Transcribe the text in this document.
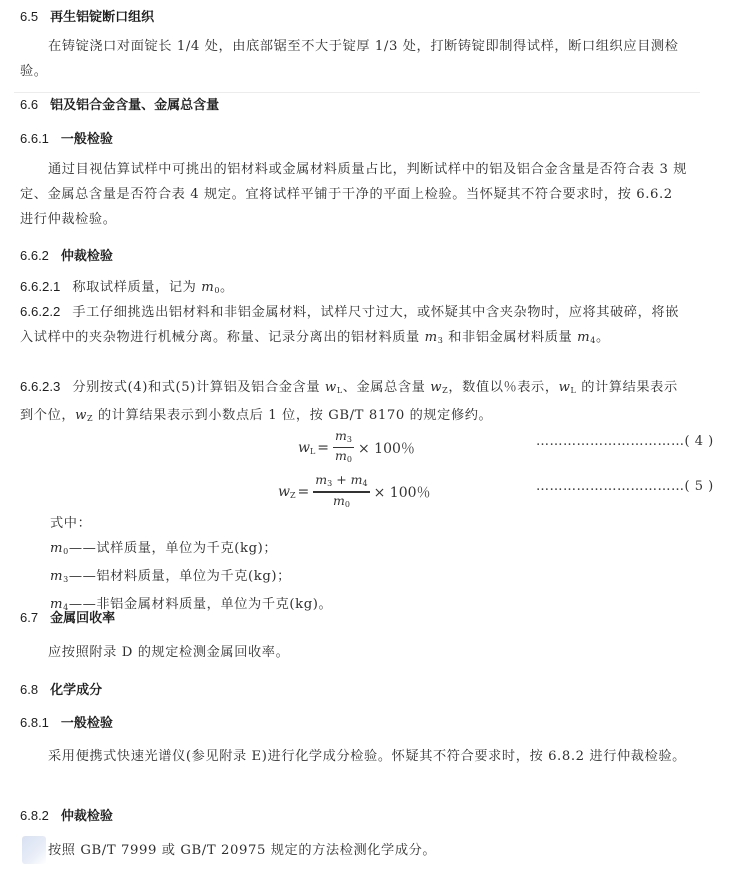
6.5 再生铝锭断口组织
在铸锭浇口对面锭长 1/4 处，由底部锯至不大于锭厚 1/3 处，打断铸锭即制得试样，断口组织应目测检验。
6.6 铝及铝合金含量、金属总含量
6.6.1 一般检验
通过目视估算试样中可挑出的铝材料或金属材料质量占比，判断试样中的铝及铝合金含量是否符合表 3 规定、金属总含量是否符合表 4 规定。宜将试样平铺于干净的平面上检验。当怀疑其不符合要求时，按 6.6.2 进行仲裁检验。
6.6.2 仲裁检验
6.6.2.1 称取试样质量，记为 $m_0$。
6.6.2.2 手工仔细挑选出铝材料和非铝金属材料，试样尺寸过大，或怀疑其中含夹杂物时，应将其破碎，将嵌入试样中的夹杂物进行机械分离。称量、记录分离出的铝材料质量 $m_3$ 和非铝金属材料质量 $m_4$。
6.6.2.3 分别按式(4)和式(5)计算铝及铝合金含量 $w_L$、金属总含量 $w_Z$，数值以％表示，$w_L$ 的计算结果表示到个位，$w_Z$ 的计算结果表示到小数点后 1 位，按 GB/T 8170 的规定修约。
$w_L = \frac{m_3}{m_0} \times 100$％	……………………………( 4 )
$w_Z = \frac{m_3 + m_4}{m_0} \times 100$％	……………………………( 5 )
式中：
$m_0——$试样质量，单位为千克(kg)；
$m_3——$铝材料质量，单位为千克(kg)；
$m_4——$非铝金属材料质量，单位为千克(kg)。
6.7 金属回收率
应按照附录 D 的规定检测金属回收率。
6.8 化学成分
6.8.1 一般检验
采用便携式快速光谱仪(参见附录 E)进行化学成分检验。怀疑其不符合要求时，按 6.8.2 进行仲裁检验。
6.8.2 仲裁检验
按照 GB/T 7999 或 GB/T 20975 规定的方法检测化学成分。
